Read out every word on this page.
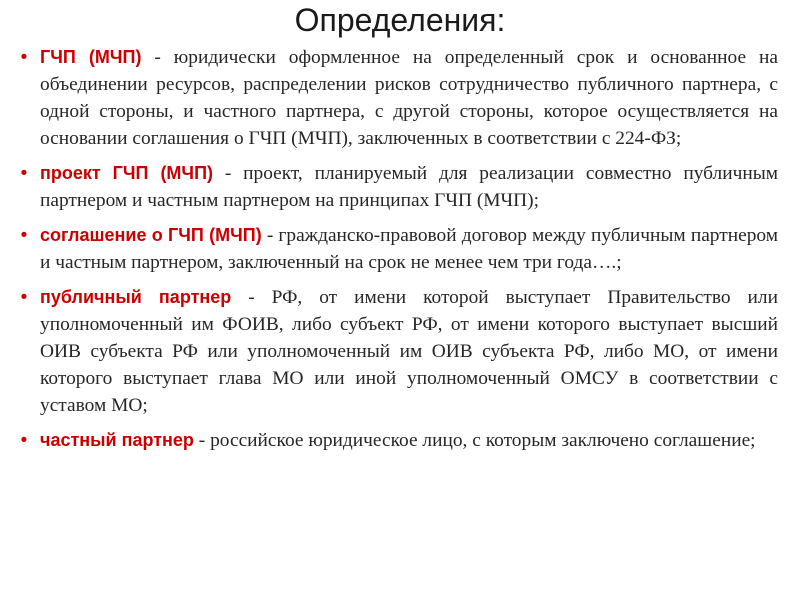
Определения:
• ГЧП (МЧП) - юридически оформленное на определенный срок и основанное на объединении ресурсов, распределении рисков сотрудничество публичного партнера, с одной стороны, и частного партнера, с другой стороны, которое осуществляется на основании соглашения о ГЧП (МЧП), заключенных в соответствии с 224-ФЗ;
• проект ГЧП (МЧП) - проект, планируемый для реализации совместно публичным партнером и частным партнером на принципах ГЧП (МЧП);
• соглашение о ГЧП (МЧП) - гражданско-правовой договор между публичным партнером и частным партнером, заключенный на срок не менее чем три года….;
• публичный партнер - РФ, от имени которой выступает Правительство или уполномоченный им ФОИВ, либо субъект РФ, от имени которого выступает высший ОИВ субъекта РФ или уполномоченный им ОИВ субъекта РФ, либо МО, от имени которого выступает глава МО или иной уполномоченный ОМСУ в соответствии с уставом МО;
• частный партнер - российское юридическое лицо, с которым заключено соглашение;
